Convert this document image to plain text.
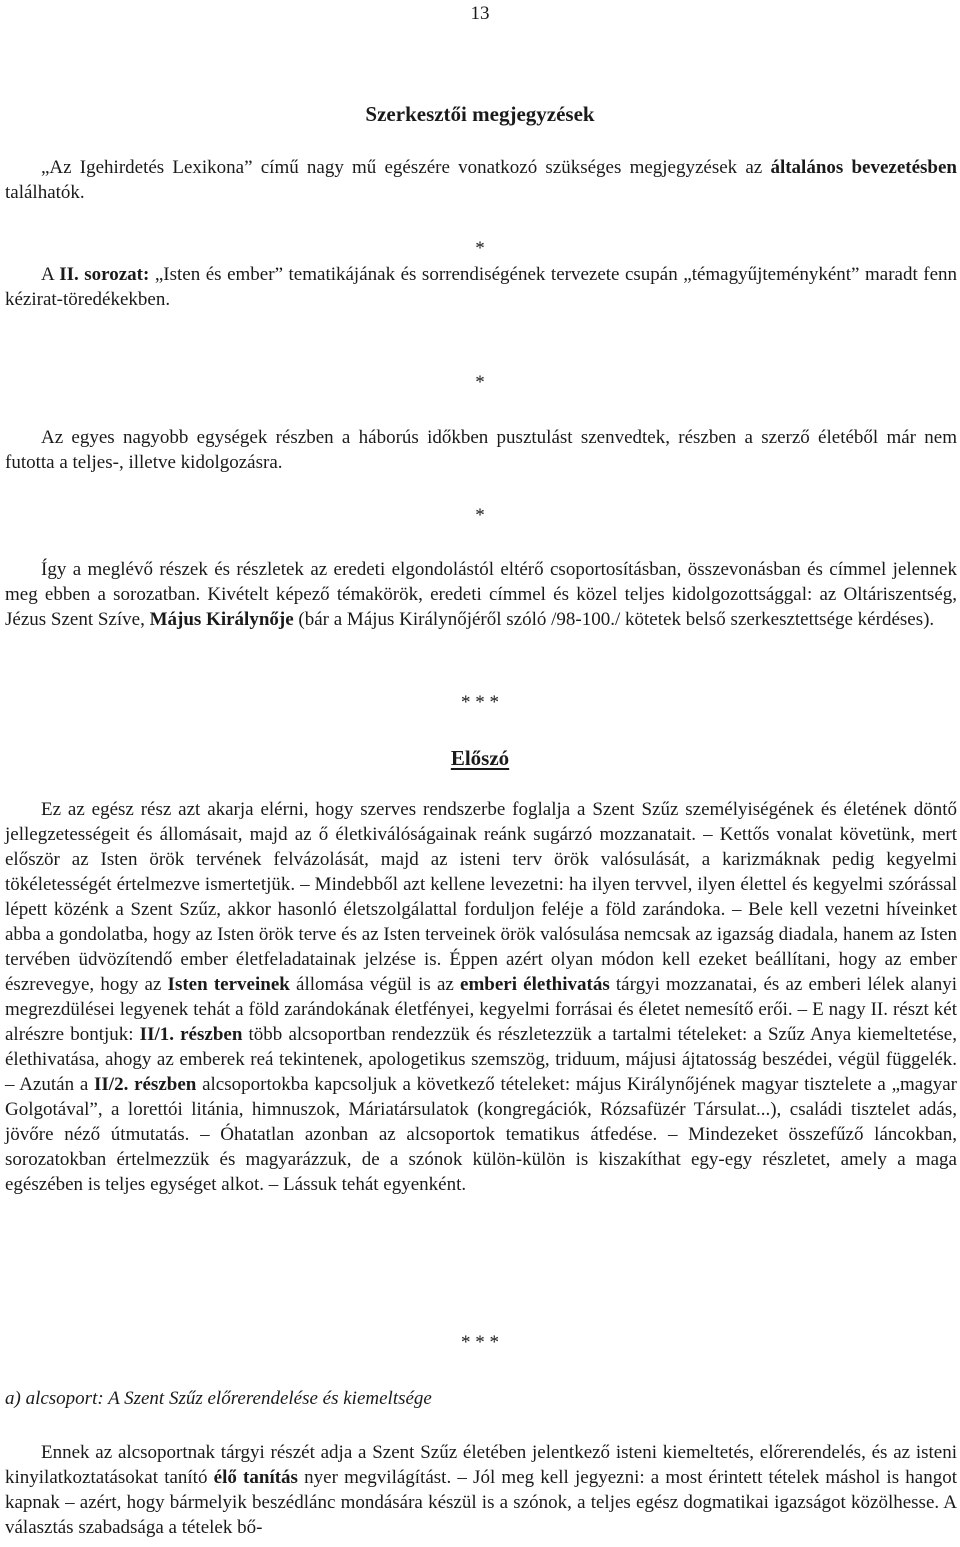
13
Szerkesztői megjegyzések

„Az Igehirdetés Lexikona” című nagy mű egészére vonatkozó szükséges megjegyzések az általános bevezetésben találhatók.

*

A II. sorozat: „Isten és ember” tematikájának és sorrendiségének tervezete csupán „témagyűjteményként” maradt fenn kézirat-töredékekben.

*

Az egyes nagyobb egységek részben a háborús időkben pusztulást szenvedtek, részben a szerző életéből már nem futotta a teljes-, illetve kidolgozásra.

*

Így a meglévő részek és részletek az eredeti elgondolástól eltérő csoportosításban, összevonásban és címmel jelennek meg ebben a sorozatban. Kivételt képező témakörök, eredeti címmel és közel teljes kidolgozottsággal: az Oltáriszentség, Jézus Szent Szíve, Május Királynője (bár a Május Királynőjéről szóló /98-100./ kötetek belső szerkesztettsége kérdéses).

* * *
Előszó

Ez az egész rész azt akarja elérni, hogy szerves rendszerbe foglalja a Szent Szűz személyiségének és életének döntő jellegzetességeit és állomásait, majd az ő életkiválóságainak reánk sugárzó mozzanatait. – Kettős vonalat követünk, mert először az Isten örök tervének felvázolását, majd az isteni terv örök valósulását, a karizmáknak pedig kegyelmi tökéletességét értelmezve ismertetjük. – Mindebből azt kellene levezetni: ha ilyen tervvel, ilyen élettel és kegyelmi szórással lépett közénk a Szent Szűz, akkor hasonló életszolgálattal forduljon feléje a föld zarándoka. – Bele kell vezetni híveinket abba a gondolatba, hogy az Isten örök terve és az Isten terveinek örök valósulása nemcsak az igazság diadala, hanem az Isten tervében üdvözítendő ember életfeladatainak jelzése is. Éppen azért olyan módon kell ezeket beállítani, hogy az ember észrevegye, hogy az Isten terveinek állomása végül is az emberi élethivatás tárgyi mozzanatai, és az emberi lélek alanyi megrezdülései legyenek tehát a föld zarándokának életfényei, kegyelmi forrásai és életet nemesítő erői. – E nagy II. részt két alrészre bontjuk: II/1. részben több alcsoportban rendezzük és részletezzük a tartalmi tételeket: a Szűz Anya kiemeltetése, élethivatása, ahogy az emberek reá tekintenek, apologetikus szemszög, triduum, májusi ájtatosság beszédei, végül függelék. – Azután a II/2. részben alcsoportokba kapcsoljuk a következő tételeket: május Királynőjének magyar tisztelete a „magyar Golgotával”, a lorettói litánia, himnuszok, Máriatársulatok (kongregációk, Rózsafüzér Társulat...), családi tisztelet adás, jövőre néző útmutatás. – Óhatatlan azonban az alcsoportok tematikus átfedése. – Mindezeket összefűző láncokban, sorozatokban értelmezzük és magyarázzuk, de a szónok külön-külön is kiszakíthat egy-egy részletet, amely a maga egészében is teljes egységet alkot. – Lássuk tehát egyenként.

* * *
a) alcsoport: A Szent Szűz előrerendelése és kiemeltsége

Ennek az alcsoportnak tárgyi részét adja a Szent Szűz életében jelentkező isteni kiemeltetés, előrerendelés, és az isteni kinyilatkoztatásokat tanító élő tanítás nyer megvilágítást. – Jól meg kell jegyezni: a most érintett tételek máshol is hangot kapnak – azért, hogy bármelyik beszédlánc mondására készül is a szónok, a teljes egész dogmatikai igazságot közölhesse. A választás szabadsága a tételek bő-
